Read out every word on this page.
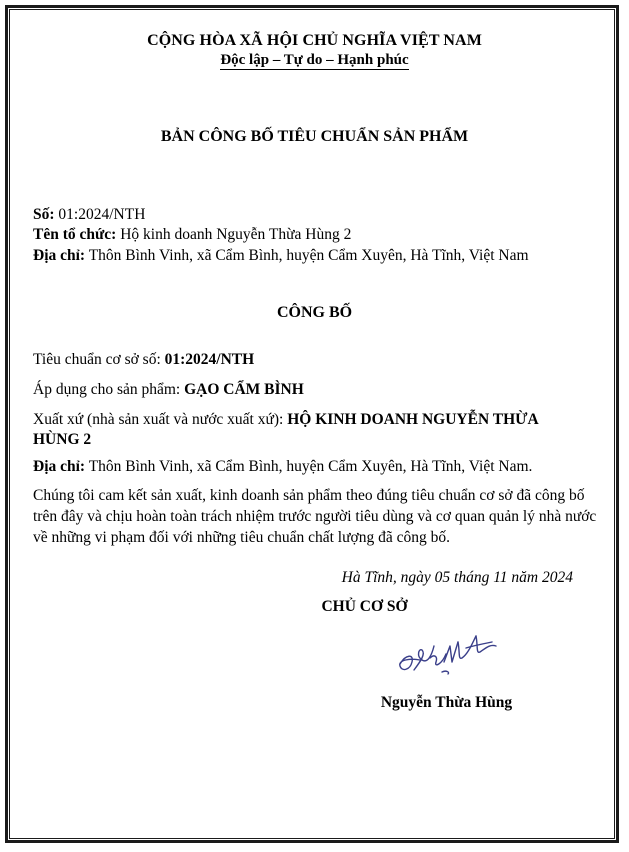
CỘNG HÒA XÃ HỘI CHỦ NGHĨA VIỆT NAM
Độc lập – Tự do – Hạnh phúc
BẢN CÔNG BỐ TIÊU CHUẨN SẢN PHẨM
Số: 01:2024/NTH
Tên tổ chức: Hộ kinh doanh Nguyễn Thừa Hùng 2
Địa chỉ: Thôn Bình Vinh, xã Cẩm Bình, huyện Cẩm Xuyên, Hà Tĩnh, Việt Nam
CÔNG BỐ
Tiêu chuẩn cơ sở số: 01:2024/NTH
Áp dụng cho sản phẩm: GẠO CẨM BÌNH
Xuất xứ (nhà sản xuất và nước xuất xứ): HỘ KINH DOANH NGUYỄN THỪA HÙNG 2
Địa chỉ: Thôn Bình Vinh, xã Cẩm Bình, huyện Cẩm Xuyên, Hà Tĩnh, Việt Nam.
Chúng tôi cam kết sản xuất, kinh doanh sản phẩm theo đúng tiêu chuẩn cơ sở đã công bố trên đây và chịu hoàn toàn trách nhiệm trước người tiêu dùng và cơ quan quản lý nhà nước về những vi phạm đối với những tiêu chuẩn chất lượng đã công bố.
Hà Tĩnh, ngày 05 tháng 11 năm 2024
CHỦ CƠ SỞ
Nguyễn Thừa Hùng
